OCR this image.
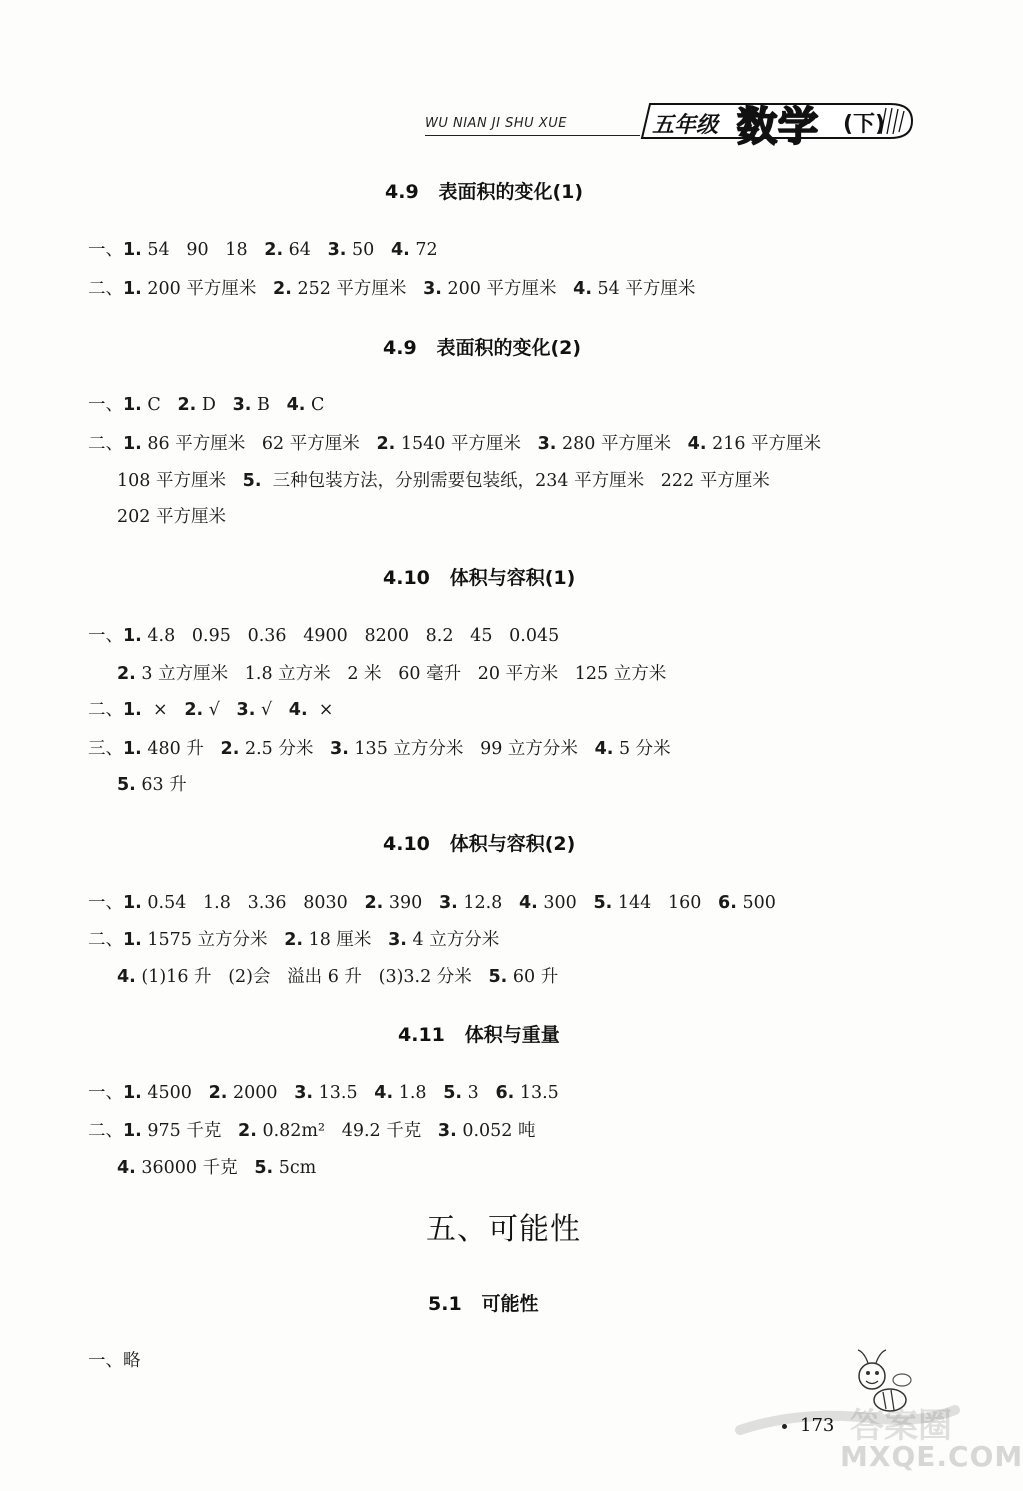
WU NIAN JI SHU XUE	五年级 数学 (下)
4.9   表面积的变化(1)
一、1. 54   90   18   2. 64   3. 50   4. 72
二、1. 200 平方厘米   2. 252 平方厘米   3. 200 平方厘米   4. 54 平方厘米
4.9   表面积的变化(2)
一、1. C   2. D   3. B   4. C
二、1. 86 平方厘米   62 平方厘米   2. 1540 平方厘米   3. 280 平方厘米   4. 216 平方厘米
108 平方厘米   5.  三种包装方法，分别需要包装纸，234 平方厘米   222 平方厘米
202 平方厘米
4.10   体积与容积(1)
一、1. 4.8   0.95   0.36   4900   8200   8.2   45   0.045
2. 3 立方厘米   1.8 立方米   2 米   60 毫升   20 平方米   125 立方米
二、1.  ×   2. √   3. √   4.  ×
三、1. 480 升   2. 2.5 分米   3. 135 立方分米   99 立方分米   4. 5 分米
5. 63 升
4.10   体积与容积(2)
一、1. 0.54   1.8   3.36   8030   2. 390   3. 12.8   4. 300   5. 144   160   6. 500
二、1. 1575 立方分米   2. 18 厘米   3. 4 立方分米
4. (1)16 升   (2)会   溢出 6 升   (3)3.2 分米   5. 60 升
4.11   体积与重量
一、1. 4500   2. 2000   3. 13.5   4. 1.8   5. 3   6. 13.5
二、1. 975 千克   2. 0.82m²   49.2 千克   3. 0.052 吨
4. 36000 千克   5. 5cm
五、可能性
5.1   可能性
一、略
173 答案圈
MXQE.COM
